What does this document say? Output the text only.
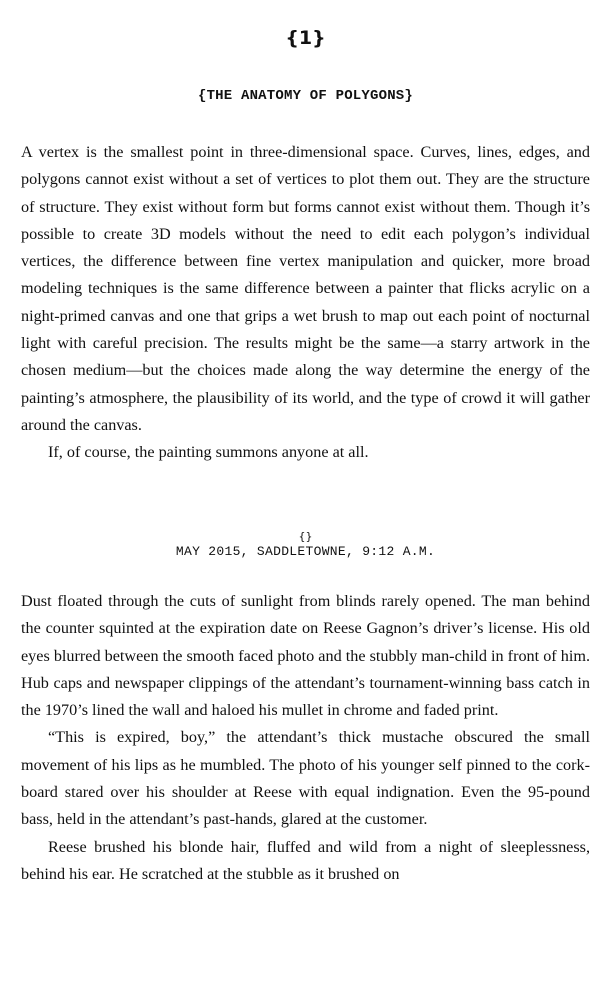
{1}
{THE ANATOMY OF POLYGONS}

A vertex is the smallest point in three-dimensional space. Curves, lines, edges, and polygons cannot exist without a set of vertices to plot them out. They are the structure of structure. They exist without form but forms cannot exist without them. Though it’s possible to create 3D models without the need to edit each polygon’s individual vertices, the difference between fine vertex manipulation and quicker, more broad modeling techniques is the same difference between a painter that flicks acrylic on a night-primed canvas and one that grips a wet brush to map out each point of nocturnal light with careful precision. The results might be the same—a starry artwork in the chosen medium—but the choices made along the way determine the energy of the painting’s atmosphere, the plausibility of its world, and the type of crowd it will gather around the canvas.

If, of course, the painting summons anyone at all.

{}
MAY 2015, SADDLETOWNE, 9:12 A.M.

Dust floated through the cuts of sunlight from blinds rarely opened. The man behind the counter squinted at the expiration date on Reese Gagnon’s driver’s license. His old eyes blurred between the smooth faced photo and the stubbly man-child in front of him. Hub caps and newspaper clippings of the attendant’s tournament-winning bass catch in the 1970’s lined the wall and haloed his mullet in chrome and faded print.

“This is expired, boy,” the attendant’s thick mustache obscured the small movement of his lips as he mumbled. The photo of his younger self pinned to the cork-board stared over his shoulder at Reese with equal indignation. Even the 95-pound bass, held in the attendant’s past-hands, glared at the customer.

Reese brushed his blonde hair, fluffed and wild from a night of sleeplessness, behind his ear. He scratched at the stubble as it brushed on
